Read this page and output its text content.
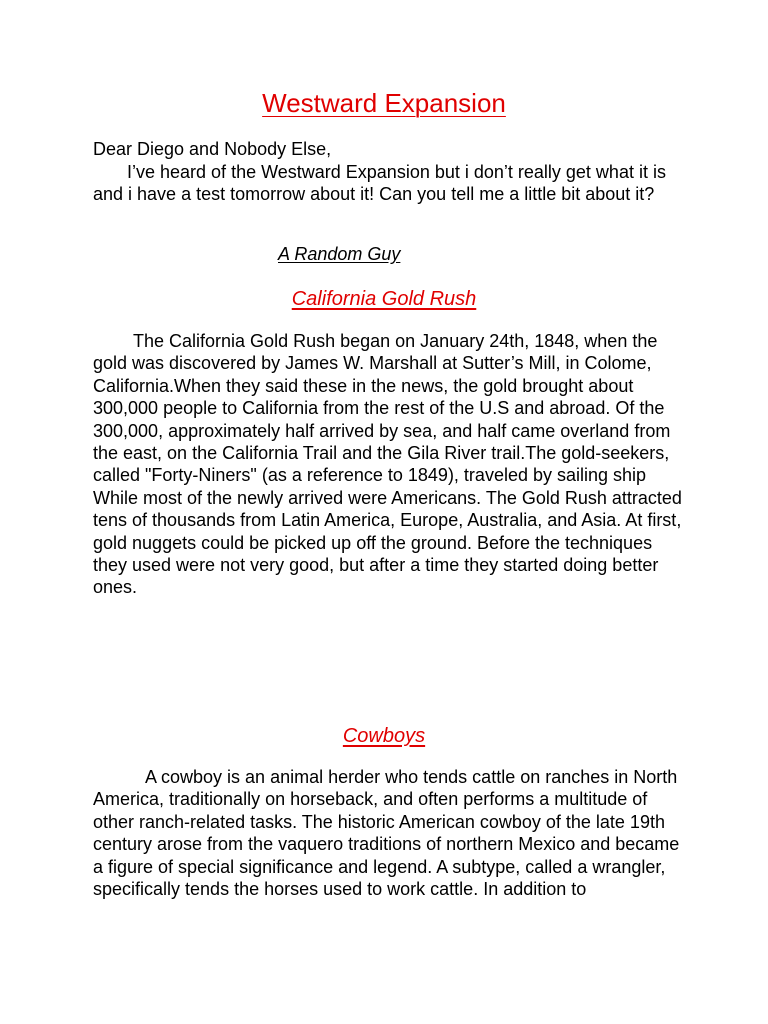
Westward Expansion

Dear Diego and Nobody Else,

I’ve heard of the Westward Expansion but i don’t really get what it is and i have a test tomorrow about it! Can you tell me a little bit about it?

A Random Guy
California Gold Rush

The California Gold Rush began on January 24th, 1848, when the gold was discovered by James W. Marshall at Sutter’s Mill, in Colome, California.When they said these in the news, the gold brought about 300,000 people to California from the rest of the U.S and abroad. Of the 300,000, approximately half arrived by sea, and half came overland from the east, on the California Trail and the Gila River trail.The gold-seekers, called "Forty-Niners" (as a reference to 1849), traveled by sailing ship While most of the newly arrived were Americans. The Gold Rush attracted tens of thousands from Latin America, Europe, Australia, and Asia. At first, gold nuggets could be picked up off the ground. Before the techniques they used were not very good, but after a time they started doing better ones.

Cowboys

A cowboy is an animal herder who tends cattle on ranches in North America, traditionally on horseback, and often performs a multitude of other ranch-related tasks. The historic American cowboy of the late 19th century arose from the vaquero traditions of northern Mexico and became a figure of special significance and legend. A subtype, called a wrangler, specifically tends the horses used to work cattle. In addition to
